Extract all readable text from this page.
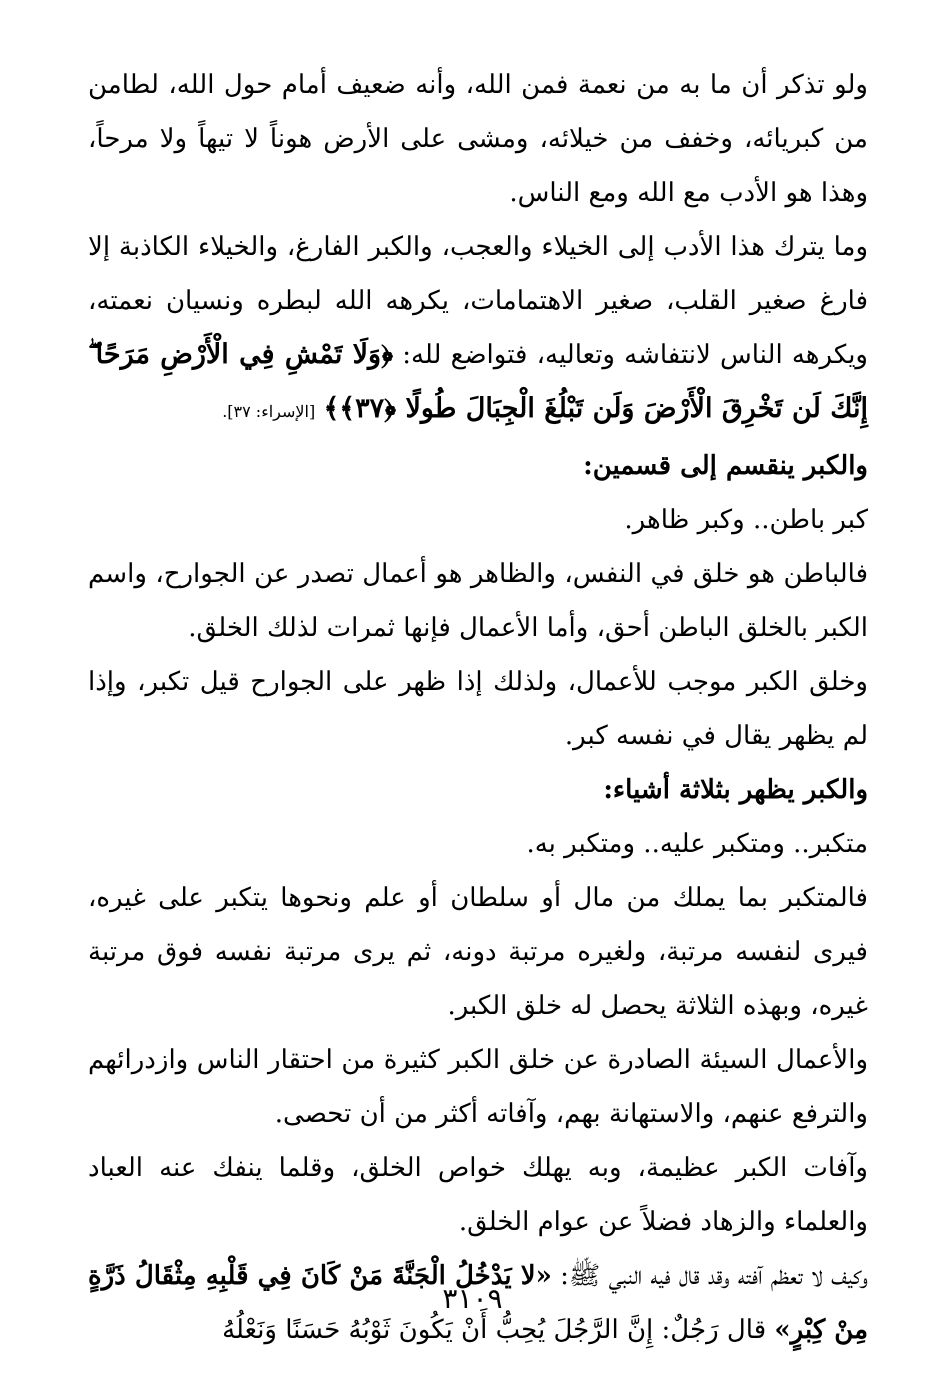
ولو تذكر أن ما به من نعمة فمن الله، وأنه ضعيف أمام حول الله، لطامن من كبريائه، وخفف من خيلائه، ومشى على الأرض هوناً لا تيهاً ولا مرحاً، وهذا هو الأدب مع الله ومع الناس.

وما يترك هذا الأدب إلى الخيلاء والعجب، والكبر الفارغ، والخيلاء الكاذبة إلا فارغ صغير القلب، صغير الاهتمامات، يكرهه الله لبطره ونسيان نعمته، ويكرهه الناس لانتفاشه وتعاليه، فتواضع لله: ﴿وَلَا تَمْشِ فِي الْأَرْضِ مَرَحًا ۖ إِنَّكَ لَن تَخْرِقَ الْأَرْضَ وَلَن تَبْلُغَ الْجِبَالَ طُولًا ﴿٣٧﴾﴾ [الإسراء: ٣٧].

والكبر ينقسم إلى قسمين:

كبر باطن.. وكبر ظاهر.

فالباطن هو خلق في النفس، والظاهر هو أعمال تصدر عن الجوارح، واسم الكبر بالخلق الباطن أحق، وأما الأعمال فإنها ثمرات لذلك الخلق.

وخلق الكبر موجب للأعمال، ولذلك إذا ظهر على الجوارح قيل تكبر، وإذا لم يظهر يقال في نفسه كبر.

والكبر يظهر بثلاثة أشياء:

متكبر.. ومتكبر عليه.. ومتكبر به.

فالمتكبر بما يملك من مال أو سلطان أو علم ونحوها يتكبر على غيره، فيرى لنفسه مرتبة، ولغيره مرتبة دونه، ثم يرى مرتبة نفسه فوق مرتبة غيره، وبهذه الثلاثة يحصل له خلق الكبر.

والأعمال السيئة الصادرة عن خلق الكبر كثيرة من احتقار الناس وازدرائهم والترفع عنهم، والاستهانة بهم، وآفاته أكثر من أن تحصى.

وآفات الكبر عظيمة، وبه يهلك خواص الخلق، وقلما ينفك عنه العباد والعلماء والزهاد فضلاً عن عوام الخلق.

وكيف لا تعظم آفته وقد قال فيه النبي ﷺ: «لا يَدْخُلُ الْجَنَّةَ مَنْ كَانَ فِي قَلْبِهِ مِثْقَالُ ذَرَّةٍ مِنْ كِبْرٍ» قال رَجُلٌ: إِنَّ الرَّجُلَ يُحِبُّ أَنْ يَكُونَ ثَوْبُهُ حَسَنًا وَنَعْلُهُ

٣١٠٩
